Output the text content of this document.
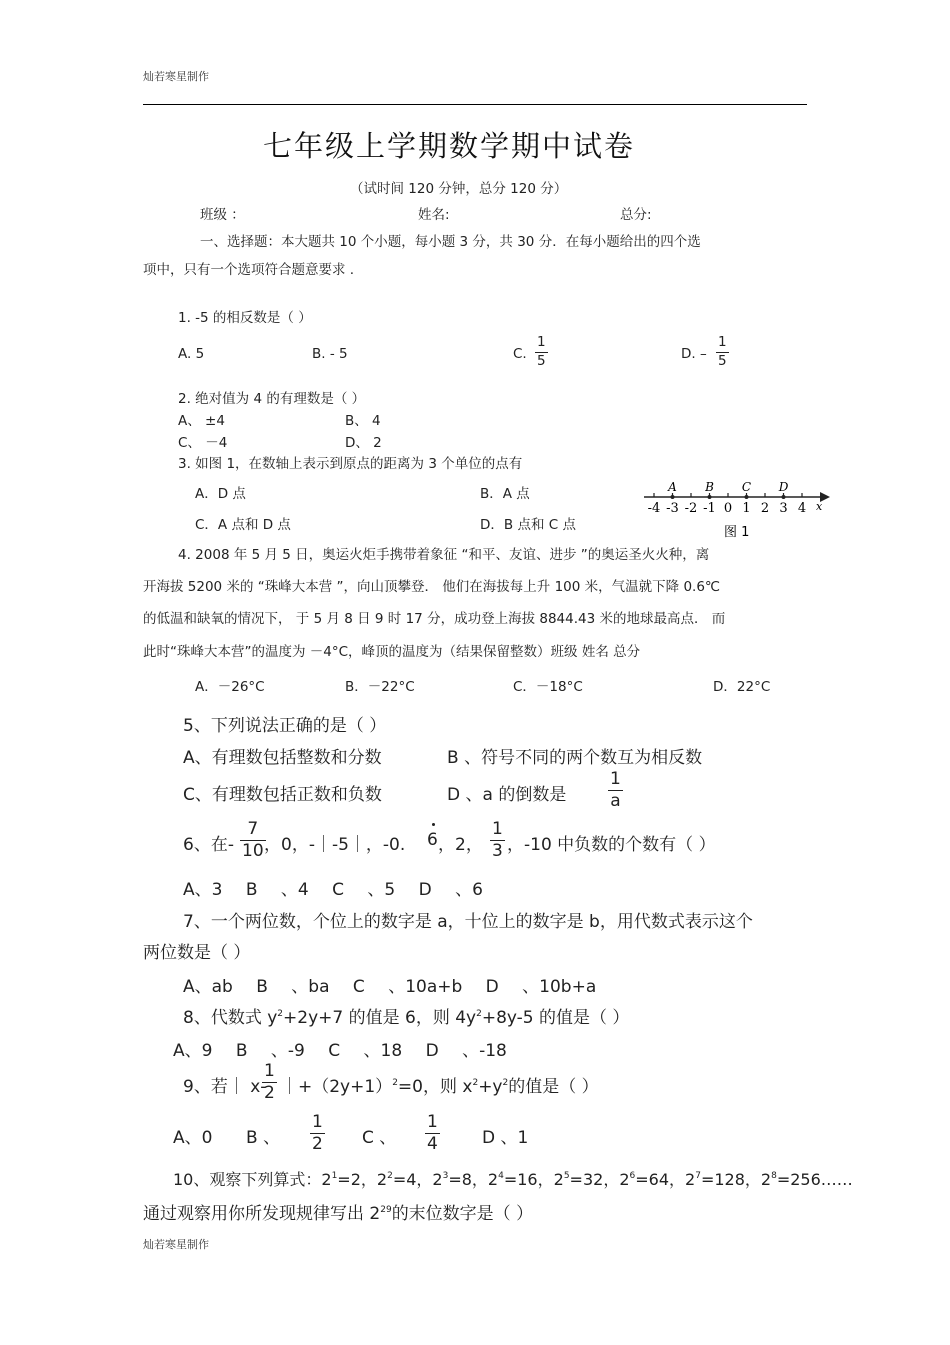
灿若寒星制作
七年级上学期数学期中试卷
（试时间 120 分钟，总分 120 分）
班级 ：	姓名:	总分:
一、选择题：本大题共 10 个小题，每小题 3 分，共 30 分．在每小题给出的四个选
项中，只有一个选项符合题意要求 .
1. -5 的相反数是（ ）
A. 5	B. - 5	C. $\frac{1}{5}$	D. – $\frac{1}{5}$
2. 绝对值为 4 的有理数是（ ）
A、 ±4	B、 4
C、 －4	D、 2
3. 如图 1，在数轴上表示到原点的距离为 3 个单位的点有
A．D 点	B．A 点
C．A 点和 D 点	D．B 点和 C 点
-4 -3 -2 -1 0 1 2 3 4
A B C D
x
图 1
4. 2008 年 5 月 5 日，奥运火炬手携带着象征 “和平、友谊、进步 ”的奥运圣火火种，离
开海拔 5200 米的 “珠峰大本营 ”，向山顶攀登． 他们在海拔每上升 100 米，气温就下降 0.6℃
的低温和缺氧的情况下， 于 5 月 8 日 9 时 17 分，成功登上海拔 8844.43 米的地球最高点． 而
此时“珠峰大本营”的温度为 －4°C，峰顶的温度为（结果保留整数）班级 姓名 总分
A．－26°C	B．－22°C	C．－18°C	D．22°C
5、下列说法正确的是（ ）
A、有理数包括整数和分数	B 、符号不同的两个数互为相反数
C、有理数包括正数和负数	D 、a 的倒数是 $\frac{1}{a}$
6、在- $\frac{7}{10}$
，0，-｜-5｜，-0. 6 ，2， $\frac{1}{3}$ ，-10 中负数的个数有（ ）
A、3 B 、4 C 、5 D 、6
7、一个两位数，个位上的数字是 a，十位上的数字是 b，用代数式表示这个
两位数是（ ）
A、ab B 、ba C 、10a+b D 、10b+a
8、代数式 $y^2+2y+7$ 的值是 6，则 $4y^2+8y-5$ 的值是（ ）
A、9 B 、-9 C 、18 D 、-18
9、若｜ x-
$\frac{1}{2}$ $|+(2y+1)^2=0$，则 $x^2+y^2$的值是（ ）
A、0 B 、 $\frac{1}{2}$ C 、 $\frac{1}{4}$ D 、1
10、观察下列算式：$2^1=2$，$2^2=4$，$2^3=8$，$2^4=16$，$2^5=32$，$2^6=64$，$2^7=128$，$2^8=256\dots\dots$
通过观察用你所发现规律写出 $2^{29}$的末位数字是（ ）
灿若寒星制作
